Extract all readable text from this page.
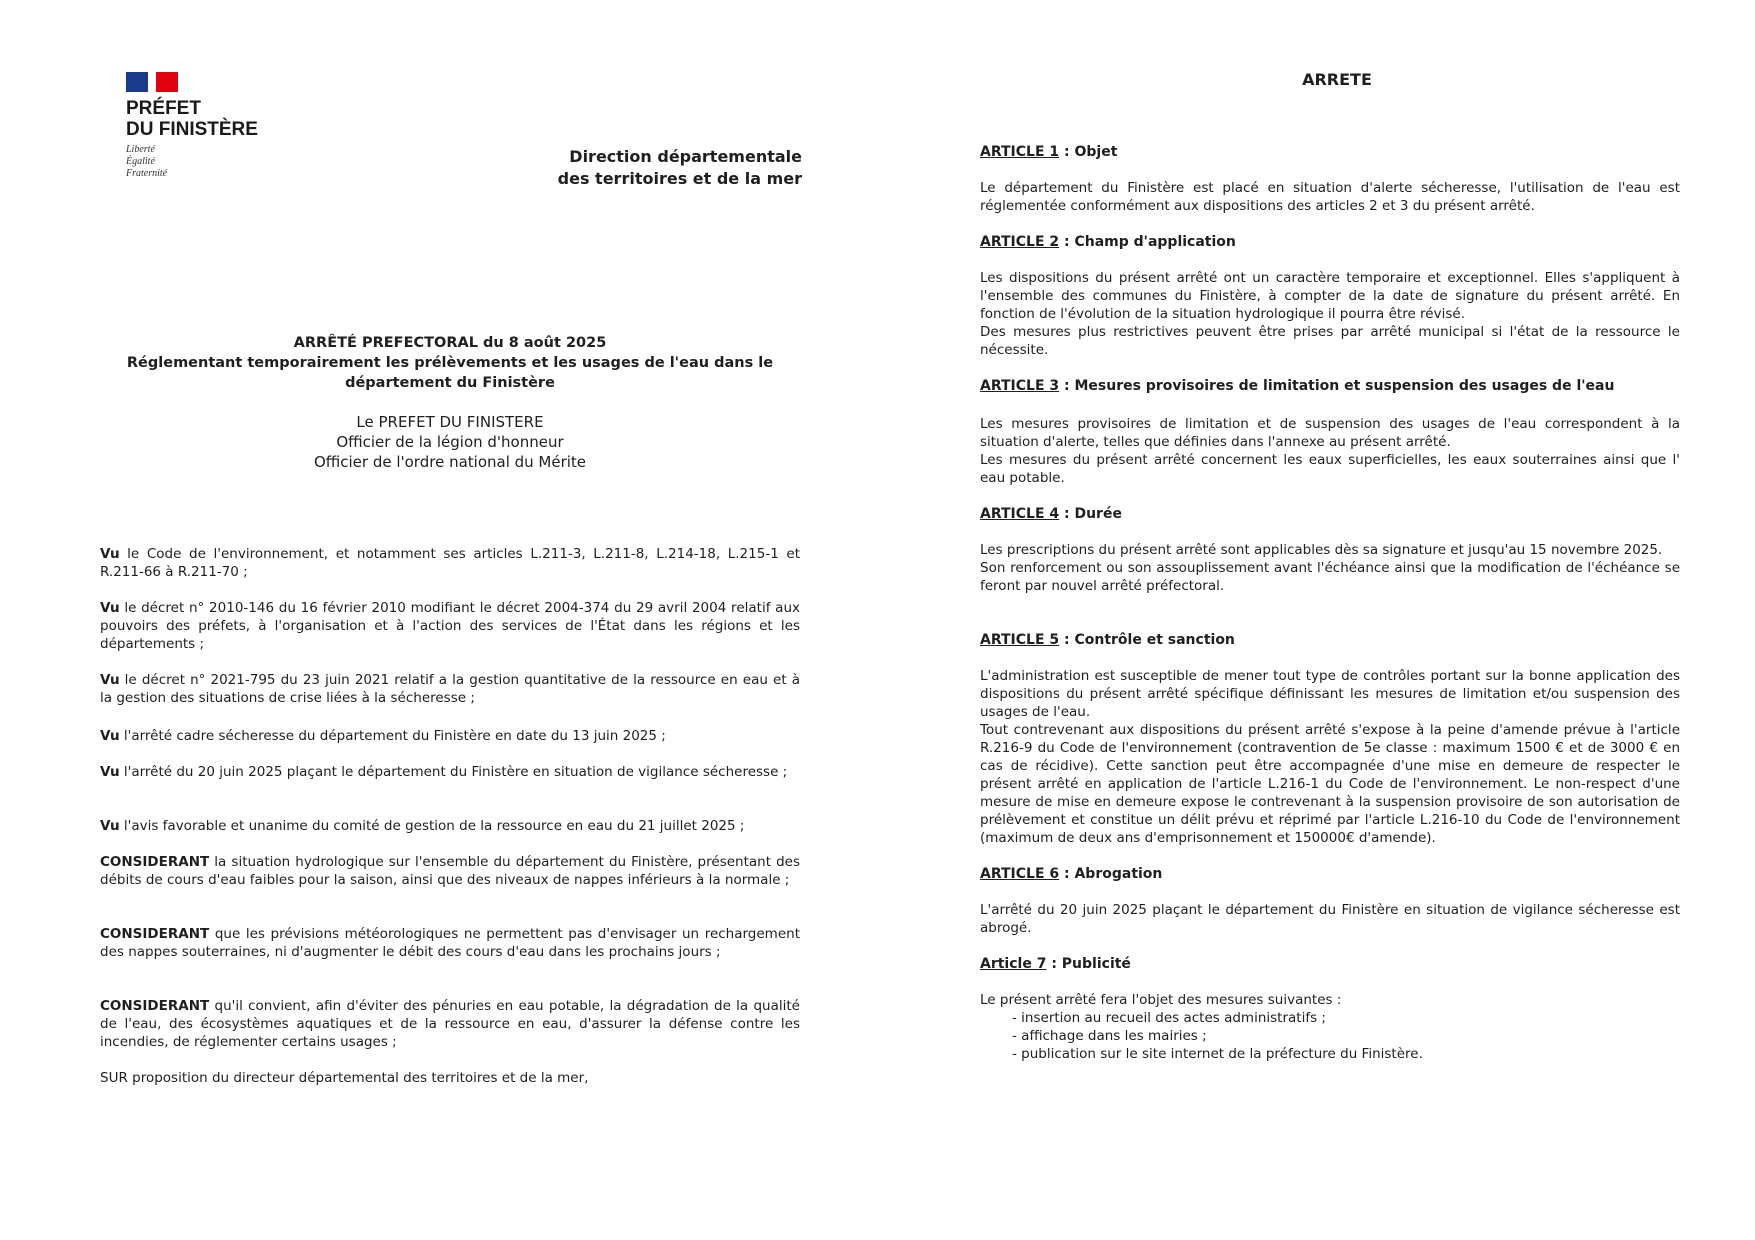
PRÉFET
DU FINISTÈRE
Liberté
Égalité
Fraternité
Direction départementale
des territoires et de la mer
ARRÊTÉ PREFECTORAL du 8 août 2025
Réglementant temporairement les prélèvements et les usages de l'eau dans le
département du Finistère
Le PREFET DU FINISTERE
Officier de la légion d'honneur
Officier de l'ordre national du Mérite
Vu le Code de l'environnement, et notamment ses articles L.211-3, L.211-8, L.214-18, L.215-1 et R.211-66 à R.211-70 ;
Vu le décret n° 2010-146 du 16 février 2010 modifiant le décret 2004-374 du 29 avril 2004 relatif aux pouvoirs des préfets, à l'organisation et à l'action des services de l'État dans les régions et les départements ;
Vu le décret n° 2021-795 du 23 juin 2021 relatif a la gestion quantitative de la ressource en eau et à la gestion des situations de crise liées à la sécheresse ;
Vu l'arrêté cadre sécheresse du département du Finistère en date du 13 juin 2025 ;
Vu l'arrêté du 20 juin 2025 plaçant le département du Finistère en situation de vigilance sécheresse ;
Vu l'avis favorable et unanime du comité de gestion de la ressource en eau du 21 juillet 2025 ;
CONSIDERANT la situation hydrologique sur l'ensemble du département du Finistère, présentant des débits de cours d'eau faibles pour la saison, ainsi que des niveaux de nappes inférieurs à la normale ;
CONSIDERANT que les prévisions météorologiques ne permettent pas d'envisager un rechargement des nappes souterraines, ni d'augmenter le débit des cours d'eau dans les prochains jours ;
CONSIDERANT qu'il convient, afin d'éviter des pénuries en eau potable, la dégradation de la qualité de l'eau, des écosystèmes aquatiques et de la ressource en eau, d'assurer la défense contre les incendies, de réglementer certains usages ;
SUR proposition du directeur départemental des territoires et de la mer,
ARRETE
ARTICLE 1 : Objet
Le département du Finistère est placé en situation d'alerte sécheresse, l'utilisation de l'eau est réglementée conformément aux dispositions des articles 2 et 3 du présent arrêté.
ARTICLE 2 : Champ d'application
Les dispositions du présent arrêté ont un caractère temporaire et exceptionnel. Elles s'appliquent à l'ensemble des communes du Finistère, à compter de la date de signature du présent arrêté. En fonction de l'évolution de la situation hydrologique il pourra être révisé.
Des mesures plus restrictives peuvent être prises par arrêté municipal si l'état de la ressource le nécessite.
ARTICLE 3 : Mesures provisoires de limitation et suspension des usages de l'eau
Les mesures provisoires de limitation et de suspension des usages de l'eau correspondent à la situation d'alerte, telles que définies dans l'annexe au présent arrêté.
Les mesures du présent arrêté concernent les eaux superficielles, les eaux souterraines ainsi que l' eau potable.
ARTICLE 4 : Durée
Les prescriptions du présent arrêté sont applicables dès sa signature et jusqu'au 15 novembre 2025.
Son renforcement ou son assouplissement avant l'échéance ainsi que la modification de l'échéance se feront par nouvel arrêté préfectoral.
ARTICLE 5 : Contrôle et sanction
L'administration est susceptible de mener tout type de contrôles portant sur la bonne application des dispositions du présent arrêté spécifique définissant les mesures de limitation et/ou suspension des usages de l'eau.
Tout contrevenant aux dispositions du présent arrêté s'expose à la peine d'amende prévue à l'article R.216-9 du Code de l'environnement (contravention de 5e classe : maximum 1500 € et de 3000 € en cas de récidive). Cette sanction peut être accompagnée d'une mise en demeure de respecter le présent arrêté en application de l'article L.216-1 du Code de l'environnement. Le non-respect d'une mesure de mise en demeure expose le contrevenant à la suspension provisoire de son autorisation de prélèvement et constitue un délit prévu et réprimé par l'article L.216-10 du Code de l'environnement (maximum de deux ans d'emprisonnement et 150000€ d'amende).
ARTICLE 6 : Abrogation
L'arrêté du 20 juin 2025 plaçant le département du Finistère en situation de vigilance sécheresse est abrogé.
Article 7 : Publicité
Le présent arrêté fera l'objet des mesures suivantes :
- insertion au recueil des actes administratifs ;
- affichage dans les mairies ;
- publication sur le site internet de la préfecture du Finistère.
